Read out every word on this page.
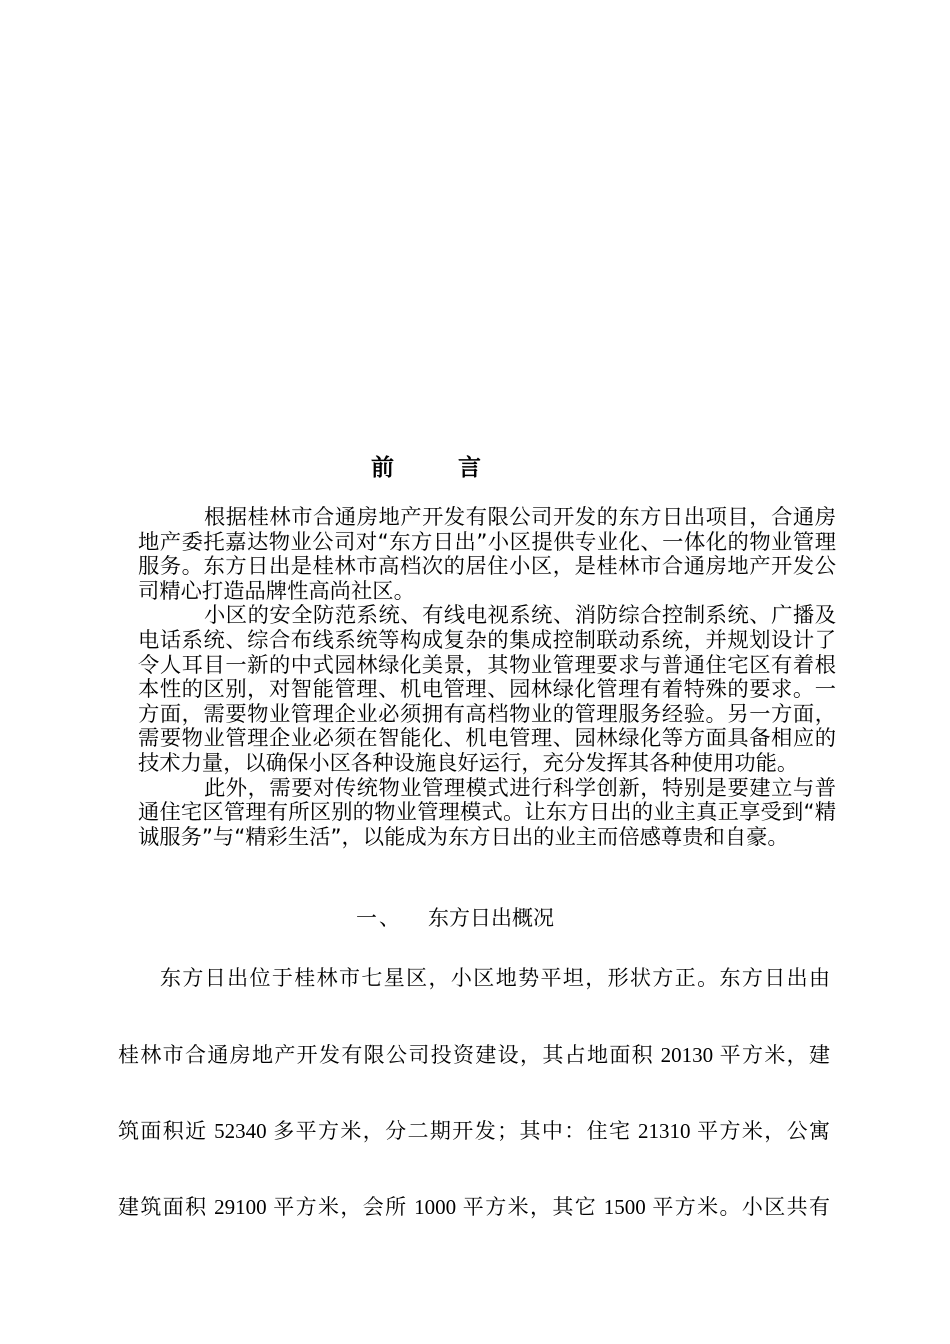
前 言

根据桂林市合通房地产开发有限公司开发的东方日出项目，合通房地产委托嘉达物业公司对“东方日出”小区提供专业化、一体化的物业管理服务。东方日出是桂林市高档次的居住小区，是桂林市合通房地产开发公司精心打造品牌性高尚社区。

小区的安全防范系统、有线电视系统、消防综合控制系统、广播及电话系统、综合布线系统等构成复杂的集成控制联动系统，并规划设计了令人耳目一新的中式园林绿化美景，其物业管理要求与普通住宅区有着根本性的区别，对智能管理、机电管理、园林绿化管理有着特殊的要求。一方面，需要物业管理企业必须拥有高档物业的管理服务经验。另一方面，需要物业管理企业必须在智能化、机电管理、园林绿化等方面具备相应的技术力量，以确保小区各种设施良好运行，充分发挥其各种使用功能。

此外，需要对传统物业管理模式进行科学创新，特别是要建立与普通住宅区管理有所区别的物业管理模式。让东方日出的业主真正享受到“精诚服务”与“精彩生活”，以能成为东方日出的业主而倍感尊贵和自豪。

一、 东方日出概况
东方日出位于桂林市七星区，小区地势平坦，形状方正。东方日出由
桂林市合通房地产开发有限公司投资建设，其占地面积 20130 平方米，建
筑面积近 52340 多平方米，分二期开发；其中：住宅 21310 平方米，公寓
建筑面积 29100 平方米，会所 1000 平方米，其它 1500 平方米。小区共有
